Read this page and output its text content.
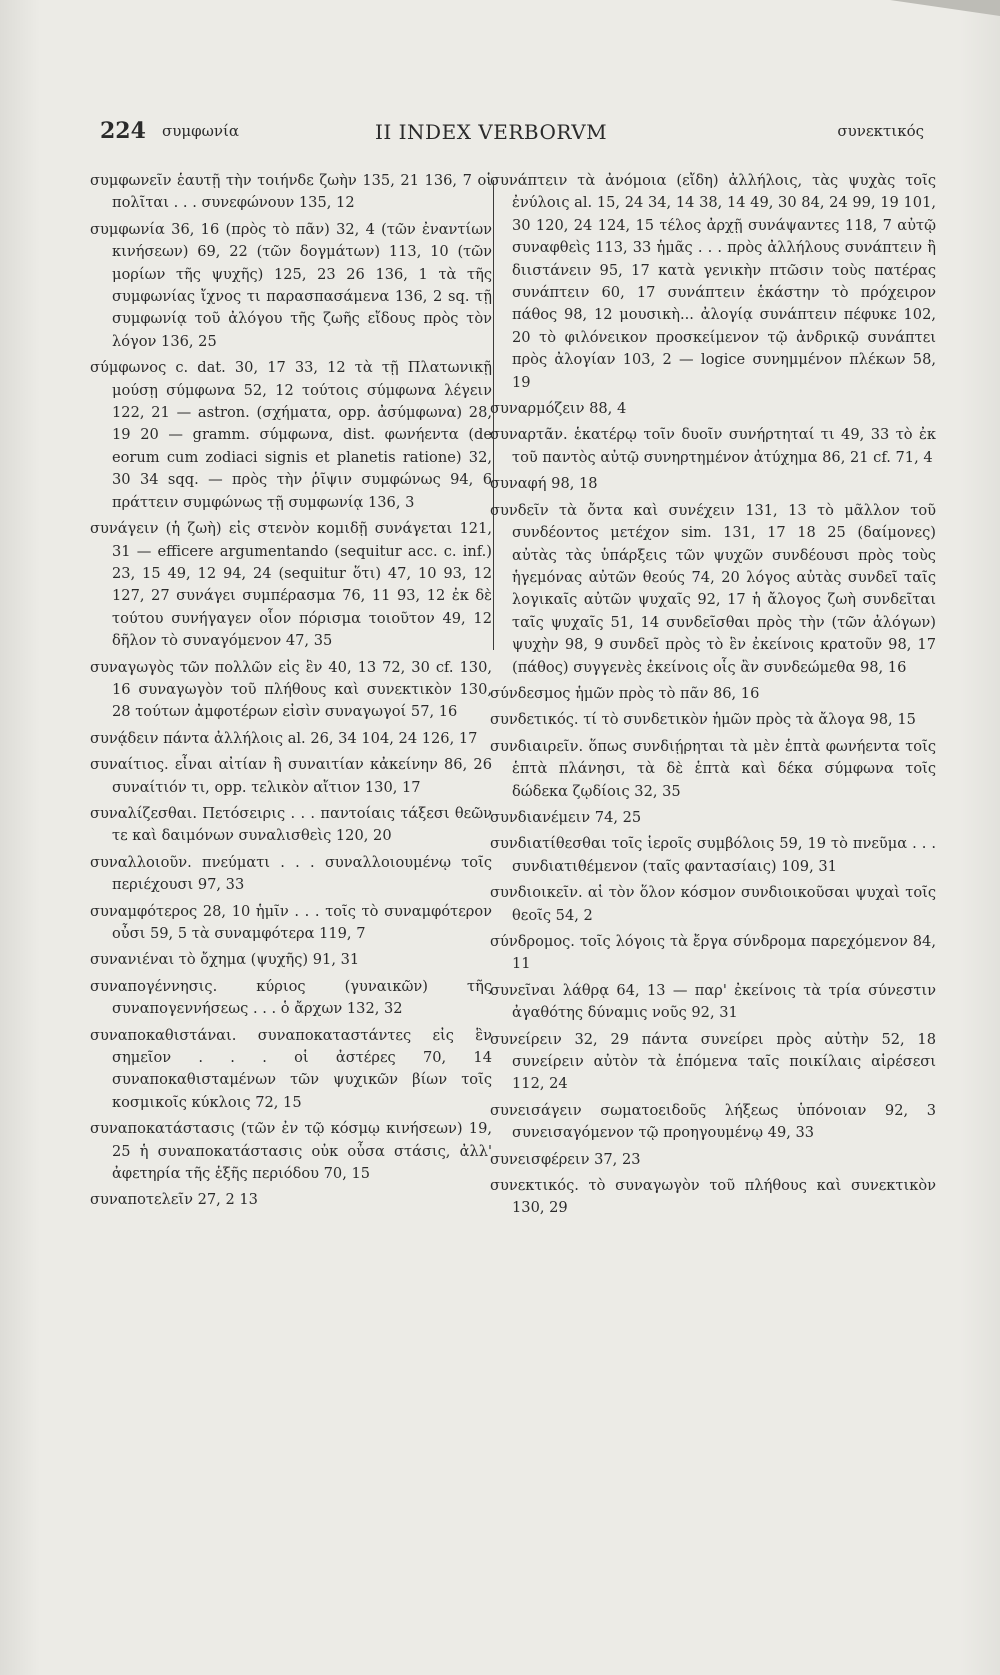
224 συμφωνία	II INDEX VERBORVM	συνεκτικός

συμφωνεῖν ἑαυτῇ τὴν τοιήνδε ζωὴν 135, 21 136, 7 οἱ πολῖται . . . συνεφώνουν 135, 12

συμφωνία 36, 16 (πρὸς τὸ πᾶν) 32, 4 (τῶν ἐναντίων κινήσεων) 69, 22 (τῶν δογμάτων) 113, 10 (τῶν μορίων τῆς ψυχῆς) 125, 23 26 136, 1 τὰ τῆς συμφωνίας ἴχνος τι παρασπασάμενα 136, 2 sq. τῇ συμφωνίᾳ τοῦ ἀλόγου τῆς ζωῆς εἴδους πρὸς τὸν λόγον 136, 25

σύμφωνος c. dat. 30, 17 33, 12 τὰ τῇ Πλατωνικῇ μούσῃ σύμφωνα 52, 12 τούτοις σύμφωνα λέγειν 122, 21 — astron. (σχήματα, opp. ἀσύμφωνα) 28, 19 20 — gramm. σύμφωνα, dist. φωνήεντα (de eorum cum zodiaci signis et planetis ratione) 32, 30 34 sqq. — πρὸς τὴν ῥῖψιν συμφώνως 94, 6 πράττειν συμφώνως τῇ συμφωνίᾳ 136, 3

συνάγειν (ἡ ζωὴ) εἰς στενὸν κομιδῇ συνάγεται 121, 31 — efficere argumentando (sequitur acc. c. inf.) 23, 15 49, 12 94, 24 (sequitur ὅτι) 47, 10 93, 12 127, 27 συνάγει συμπέρασμα 76, 11 93, 12 ἐκ δὲ τούτου συνήγαγεν οἷον πόρισμα τοιοῦτον 49, 12 δῆλον τὸ συναγόμενον 47, 35

συναγωγὸς τῶν πολλῶν εἰς ἓν 40, 13 72, 30 cf. 130, 16 συναγωγὸν τοῦ πλήθους καὶ συνεκτικὸν 130, 28 τούτων ἀμφοτέρων εἰσὶν συναγωγοί 57, 16

συνᾴδειν πάντα ἀλλήλοις al. 26, 34 104, 24 126, 17

συναίτιος. εἶναι αἰτίαν ἢ συναιτίαν κἀκείνην 86, 26 συναίτιόν τι, opp. τελικὸν αἴτιον 130, 17

συναλίζεσθαι. Πετόσειρις . . . παντοίαις τάξεσι θεῶν τε καὶ δαιμόνων συναλισθεὶς 120, 20

συναλλοιοῦν. πνεύματι . . . συναλλοιουμένῳ τοῖς περιέχουσι 97, 33

συναμφότερος 28, 10 ἡμῖν . . . τοῖς τὸ συναμφότερον οὖσι 59, 5 τὰ συναμφότερα 119, 7

συνανιέναι τὸ ὄχημα (ψυχῆς) 91, 31

συναπογέννησις. κύριος (γυναικῶν) τῆς συναπογεννήσεως . . . ὁ ἄρχων 132, 32

συναποκαθιστάναι. συναποκαταστάντες εἰς ἓν σημεῖον . . . οἱ ἀστέρες 70, 14 συναποκαθισταμένων τῶν ψυχικῶν βίων τοῖς κοσμικοῖς κύκλοις 72, 15

συναποκατάστασις (τῶν ἐν τῷ κόσμῳ κινήσεων) 19, 25 ἡ συναποκατάστασις οὐκ οὖσα στάσις, ἀλλ' ἀφετηρία τῆς ἑξῆς περιόδου 70, 15

συναποτελεῖν 27, 2 13

συνάπτειν τὰ ἀνόμοια (εἴδη) ἀλλήλοις, τὰς ψυχὰς τοῖς ἐνύλοις al. 15, 24 34, 14 38, 14 49, 30 84, 24 99, 19 101, 30 120, 24 124, 15 τέλος ἀρχῇ συνάψαντες 118, 7 αὐτῷ συναφθεὶς 113, 33 ἡμᾶς . . . πρὸς ἀλλήλους συνάπτειν ἢ διιστάνειν 95, 17 κατὰ γενικὴν πτῶσιν τοὺς πατέρας συνάπτειν 60, 17 συνάπτειν ἑκάστην τὸ πρόχειρον πάθος 98, 12 μουσικὴ... ἀλογίᾳ συνάπτειν πέφυκε 102, 20 τὸ φιλόνεικον προσκείμενον τῷ ἀνδρικῷ συνάπτει πρὸς ἀλογίαν 103, 2 — logice συνημμένον πλέκων 58, 19

συναρμόζειν 88, 4

συναρτᾶν. ἑκατέρῳ τοῖν δυοῖν συνήρτηταί τι 49, 33 τὸ ἐκ τοῦ παντὸς αὐτῷ συνηρτημένον ἀτύχημα 86, 21 cf. 71, 4

συναφή 98, 18

συνδεῖν τὰ ὄντα καὶ συνέχειν 131, 13 τὸ μᾶλλον τοῦ συνδέοντος μετέχον sim. 131, 17 18 25 (δαίμονες) αὐτὰς τὰς ὑπάρξεις τῶν ψυχῶν συνδέουσι πρὸς τοὺς ἡγεμόνας αὐτῶν θεούς 74, 20 λόγος αὐτὰς συνδεῖ ταῖς λογικαῖς αὐτῶν ψυχαῖς 92, 17 ἡ ἄλογος ζωὴ συνδεῖται ταῖς ψυχαῖς 51, 14 συνδεῖσθαι πρὸς τὴν (τῶν ἀλόγων) ψυχὴν 98, 9 συνδεῖ πρὸς τὸ ἓν ἐκείνοις κρατοῦν 98, 17 (πάθος) συγγενὲς ἐκείνοις οἷς ἂν συνδεώμεθα 98, 16

σύνδεσμος ἡμῶν πρὸς τὸ πᾶν 86, 16

συνδετικός. τί τὸ συνδετικὸν ἡμῶν πρὸς τὰ ἄλογα 98, 15

συνδιαιρεῖν. ὅπως συνδιῄρηται τὰ μὲν ἑπτὰ φωνήεντα τοῖς ἑπτὰ πλάνησι, τὰ δὲ ἑπτὰ καὶ δέκα σύμφωνα τοῖς δώδεκα ζῳδίοις 32, 35

συνδιανέμειν 74, 25

συνδιατίθεσθαι τοῖς ἱεροῖς συμβόλοις 59, 19 τὸ πνεῦμα . . . συνδιατιθέμενον (ταῖς φαντασίαις) 109, 31

συνδιοικεῖν. αἱ τὸν ὅλον κόσμον συνδιοικοῦσαι ψυχαὶ τοῖς θεοῖς 54, 2

σύνδρομος. τοῖς λόγοις τὰ ἔργα σύνδρομα παρεχόμενον 84, 11

συνεῖναι λάθρᾳ 64, 13 — παρ' ἐκείνοις τὰ τρία σύνεστιν ἀγαθότης δύναμις νοῦς 92, 31

συνείρειν 32, 29 πάντα συνείρει πρὸς αὐτὴν 52, 18 συνείρειν αὐτὸν τὰ ἑπόμενα ταῖς ποικίλαις αἱρέσεσι 112, 24

συνεισάγειν σωματοειδοῦς λήξεως ὑπόνοιαν 92, 3 συνεισαγόμενον τῷ προηγουμένῳ 49, 33

συνεισφέρειν 37, 23

συνεκτικός. τὸ συναγωγὸν τοῦ πλήθους καὶ συνεκτικὸν 130, 29
